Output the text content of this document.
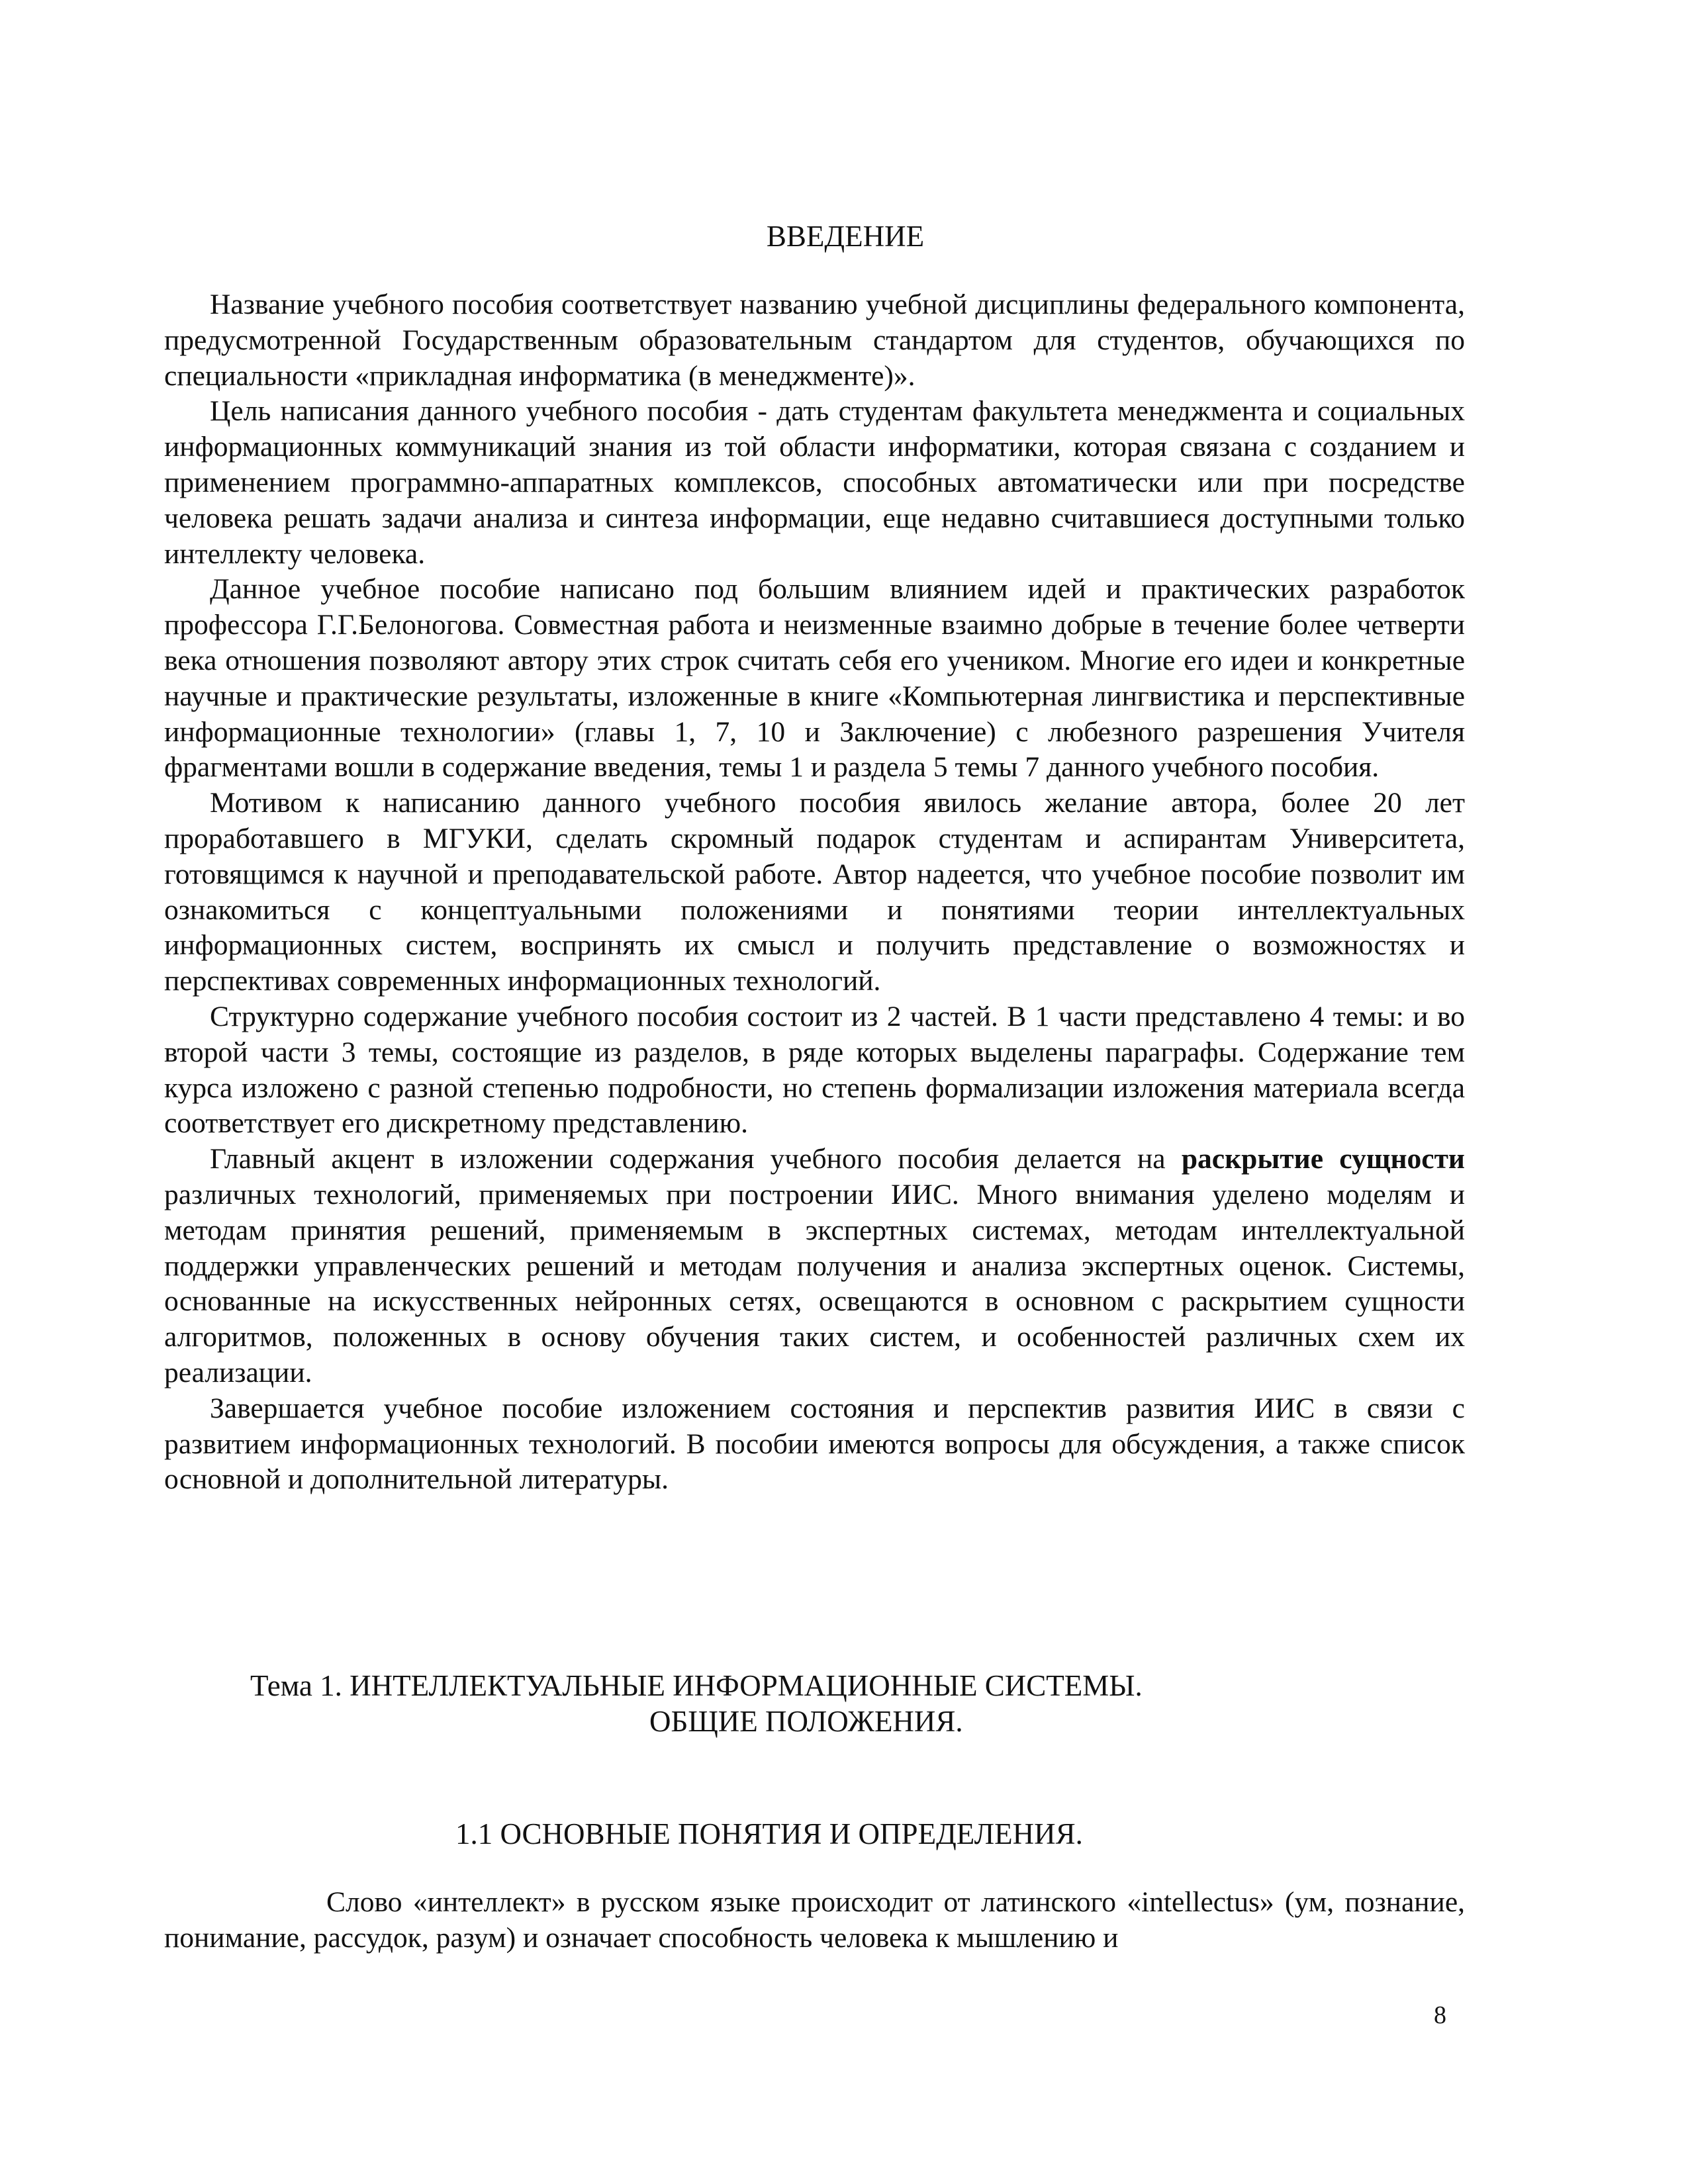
ВВЕДЕНИЕ

Название учебного пособия соответствует названию учебной дисциплины федерального компонента, предусмотренной Государственным образовательным стандартом для студентов, обучающихся по специальности «прикладная информатика (в менеджменте)».

Цель написания данного учебного пособия - дать студентам факультета менеджмента и социальных информационных коммуникаций знания из той области информатики, которая связана с созданием и применением программно-аппаратных комплексов, способных автоматически или при посредстве человека решать задачи анализа и синтеза информации, еще недавно считавшиеся доступными только интеллекту человека.

Данное учебное пособие написано под большим влиянием идей и практических разработок профессора Г.Г.Белоногова. Совместная работа и неизменные взаимно добрые в течение более четверти века отношения позволяют автору этих строк считать себя его учеником. Многие его идеи и конкретные научные и практические результаты, изложенные в книге «Компьютерная лингвистика и перспективные информационные технологии» (главы 1, 7, 10 и Заключение) с любезного разрешения Учителя фрагментами вошли в содержание введения, темы 1 и раздела 5 темы 7 данного учебного пособия.

Мотивом к написанию данного учебного пособия явилось желание автора, более 20 лет проработавшего в МГУКИ, сделать скромный подарок студентам и аспирантам Университета, готовящимся к научной и преподавательской работе. Автор надеется, что учебное пособие позволит им ознакомиться с концептуальными положениями и понятиями теории интеллектуальных информационных систем, воспринять их смысл и получить представление о возможностях и перспективах современных информационных технологий.

Структурно содержание учебного пособия состоит из 2 частей. В 1 части представлено 4 темы: и во второй части 3 темы, состоящие из разделов, в ряде которых выделены параграфы. Содержание тем курса изложено с разной степенью подробности, но степень формализации изложения материала всегда соответствует его дискретному представлению.

Главный акцент в изложении содержания учебного пособия делается на раскрытие сущности различных технологий, применяемых при построении ИИС. Много внимания уделено моделям и методам принятия решений, применяемым в экспертных системах, методам интеллектуальной поддержки управленческих решений и методам получения и анализа экспертных оценок. Системы, основанные на искусственных нейронных сетях, освещаются в основном с раскрытием сущности алгоритмов, положенных в основу обучения таких систем, и особенностей различных схем их реализации.

Завершается учебное пособие изложением состояния и перспектив развития ИИС в связи с развитием информационных технологий. В пособии имеются вопросы для обсуждения, а также список основной и дополнительной литературы.

Тема 1. ИНТЕЛЛЕКТУАЛЬНЫЕ ИНФОРМАЦИОННЫЕ СИСТЕМЫ.
ОБЩИЕ ПОЛОЖЕНИЯ.
1.1 ОСНОВНЫЕ ПОНЯТИЯ И ОПРЕДЕЛЕНИЯ.

Слово «интеллект» в русском языке происходит от латинского «intellectus» (ум, познание, понимание, рассудок, разум) и означает способность человека к мышлению и

8
